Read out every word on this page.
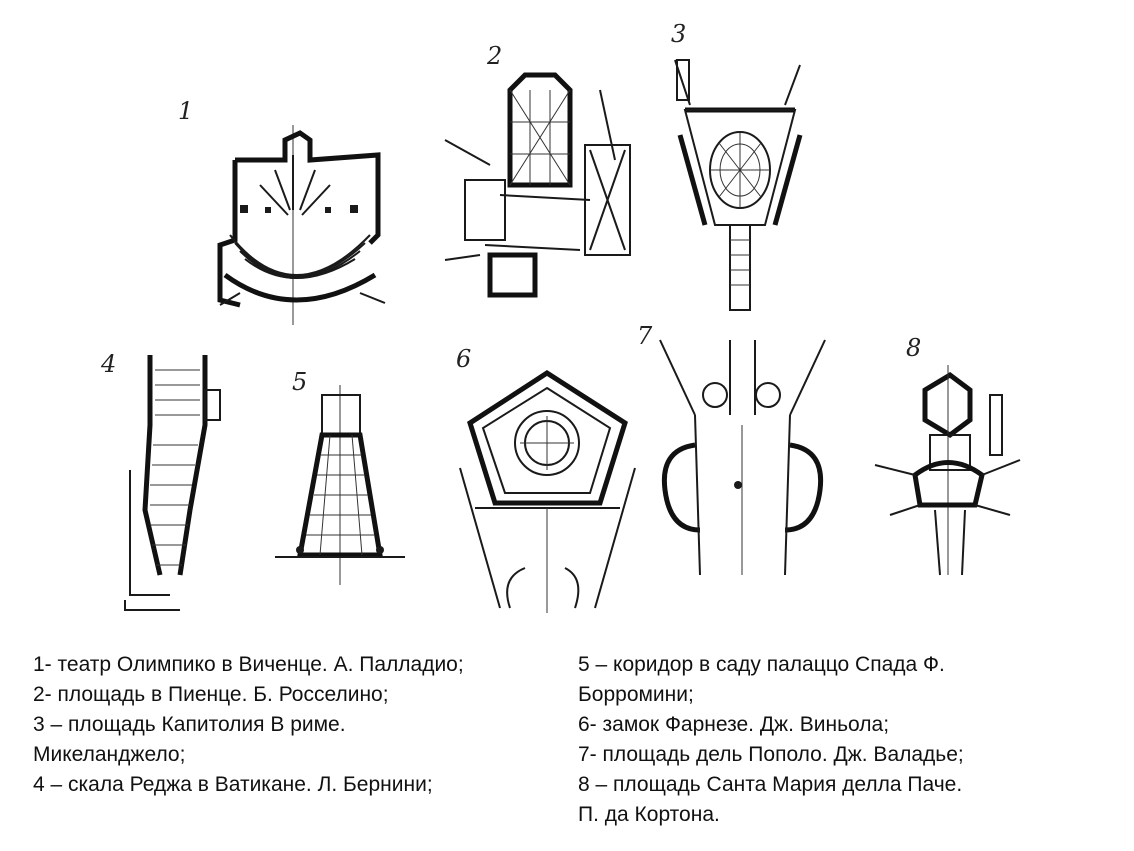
1
2
3
4
5
6
7	8
1- театр Олимпико в Виченце. А. Палладио;
2- площадь в Пиенце. Б. Росселино;
3 – площадь Капитолия В риме.
Микеланджело;
4 – скала Реджа в Ватикане. Л. Бернини;
5 – коридор в саду палаццо Спада Ф.
Борромини;
6- замок Фарнезе. Дж. Виньола;
7- площадь дель Пополо. Дж. Валадье;
8 – площадь Санта Мария делла Паче.
П. да Кортона.
